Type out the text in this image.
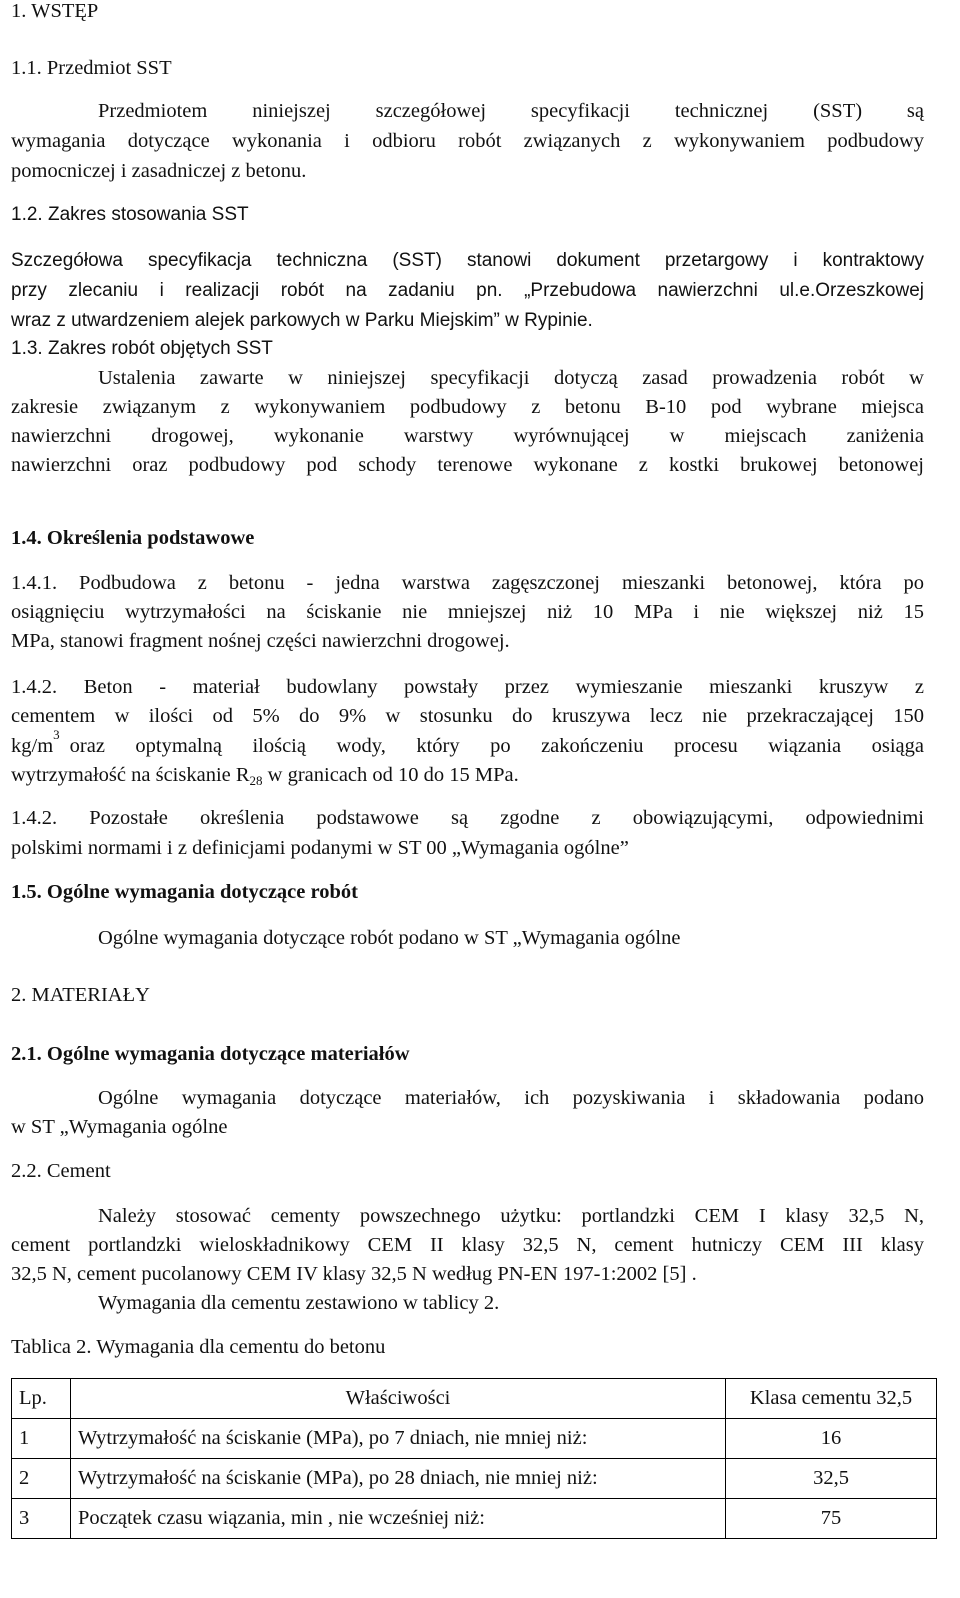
1. WSTĘP
1.1. Przedmiot SST
Przedmiotem niniejszej szczegółowej specyfikacji technicznej (SST) są
wymagania dotyczące wykonania i odbioru robót związanych z wykonywaniem podbudowy
pomocniczej i zasadniczej z betonu.
1.2. Zakres stosowania SST
Szczegółowa specyfikacja techniczna (SST) stanowi dokument przetargowy i kontraktowy
przy zlecaniu i realizacji robót na zadaniu pn. „Przebudowa nawierzchni ul.e.Orzeszkowej
wraz z utwardzeniem alejek parkowych w Parku Miejskim” w Rypinie.
1.3. Zakres robót objętych SST
Ustalenia zawarte w niniejszej specyfikacji dotyczą zasad prowadzenia robót w
zakresie związanym z wykonywaniem podbudowy z betonu B-10 pod wybrane miejsca
nawierzchni drogowej, wykonanie warstwy wyrównującej w miejscach zaniżenia
nawierzchni oraz podbudowy pod schody terenowe wykonane z kostki brukowej betonowej
1.4. Określenia podstawowe
1.4.1. Podbudowa z betonu - jedna warstwa zagęszczonej mieszanki betonowej, która po
osiągnięciu wytrzymałości na ściskanie nie mniejszej niż 10 MPa i nie większej niż 15
MPa, stanowi fragment nośnej części nawierzchni drogowej.
1.4.2. Beton - materiał budowlany powstały przez wymieszanie mieszanki kruszyw z
cementem w ilości od 5% do 9% w stosunku do kruszywa lecz nie przekraczającej 150
kg/m
3
oraz optymalną ilością wody, który po zakończeniu procesu wiązania osiąga
wytrzymałość na ściskanie $R_{28}$ w granicach od 10 do 15 MPa.
1.4.2. Pozostałe określenia podstawowe są zgodne z obowiązującymi, odpowiednimi
polskimi normami i z definicjami podanymi w ST 00 „Wymagania ogólne”
1.5. Ogólne wymagania dotyczące robót
Ogólne wymagania dotyczące robót podano w ST „Wymagania ogólne
2. MATERIAŁY
2.1. Ogólne wymagania dotyczące materiałów
Ogólne wymagania dotyczące materiałów, ich pozyskiwania i składowania podano
w ST „Wymagania ogólne
2.2. Cement
Należy stosować cementy powszechnego użytku: portlandzki CEM I klasy 32,5 N,
cement portlandzki wieloskładnikowy CEM II klasy 32,5 N, cement hutniczy CEM III klasy
32,5 N, cement pucolanowy CEM IV klasy 32,5 N według PN-EN 197-1:2002 [5] .
Wymagania dla cementu zestawiono w tablicy 2.
Tablica 2. Wymagania dla cementu do betonu
Lp.	Właściwości	Klasa cementu 32,5
1	Wytrzymałość na ściskanie (MPa), po 7 dniach, nie mniej niż:	16
2	Wytrzymałość na ściskanie (MPa), po 28 dniach, nie mniej niż:	32,5
3	Początek czasu wiązania, min , nie wcześniej niż:	75
